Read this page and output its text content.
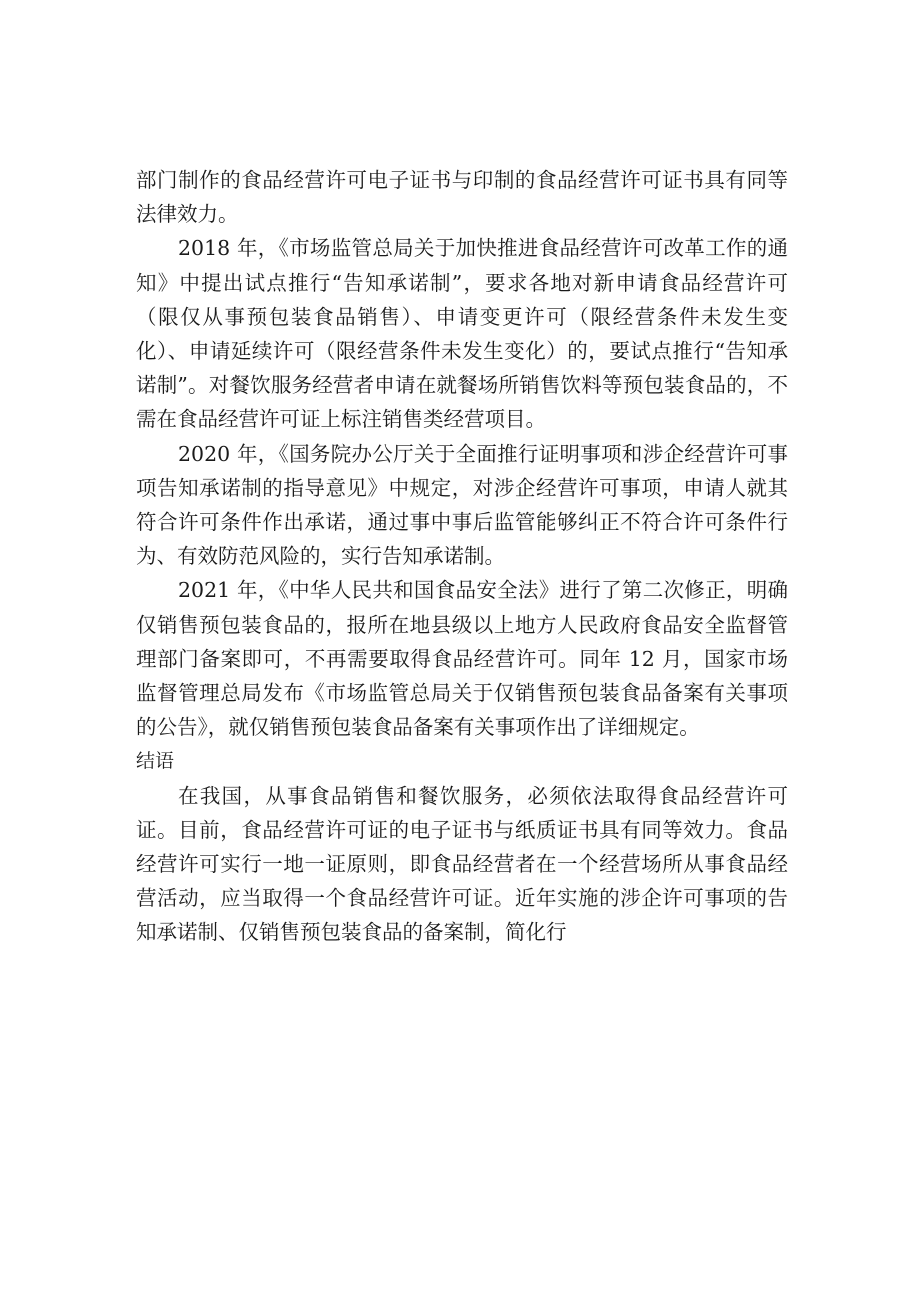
部门制作的食品经营许可电子证书与印制的食品经营许可证书具有同等法律效力。

2018 年，《市场监管总局关于加快推进食品经营许可改革工作的通知》中提出试点推行“告知承诺制”，要求各地对新申请食品经营许可（限仅从事预包装食品销售）、申请变更许可（限经营条件未发生变化）、申请延续许可（限经营条件未发生变化）的，要试点推行“告知承诺制”。对餐饮服务经营者申请在就餐场所销售饮料等预包装食品的，不需在食品经营许可证上标注销售类经营项目。

2020 年，《国务院办公厅关于全面推行证明事项和涉企经营许可事项告知承诺制的指导意见》中规定，对涉企经营许可事项，申请人就其符合许可条件作出承诺，通过事中事后监管能够纠正不符合许可条件行为、有效防范风险的，实行告知承诺制。

2021 年，《中华人民共和国食品安全法》进行了第二次修正，明确仅销售预包装食品的，报所在地县级以上地方人民政府食品安全监督管理部门备案即可，不再需要取得食品经营许可。同年 12 月，国家市场监督管理总局发布《市场监管总局关于仅销售预包装食品备案有关事项的公告》，就仅销售预包装食品备案有关事项作出了详细规定。

结语

在我国，从事食品销售和餐饮服务，必须依法取得食品经营许可证。目前，食品经营许可证的电子证书与纸质证书具有同等效力。食品经营许可实行一地一证原则，即食品经营者在一个经营场所从事食品经营活动，应当取得一个食品经营许可证。近年实施的涉企许可事项的告知承诺制、仅销售预包装食品的备案制，简化行
